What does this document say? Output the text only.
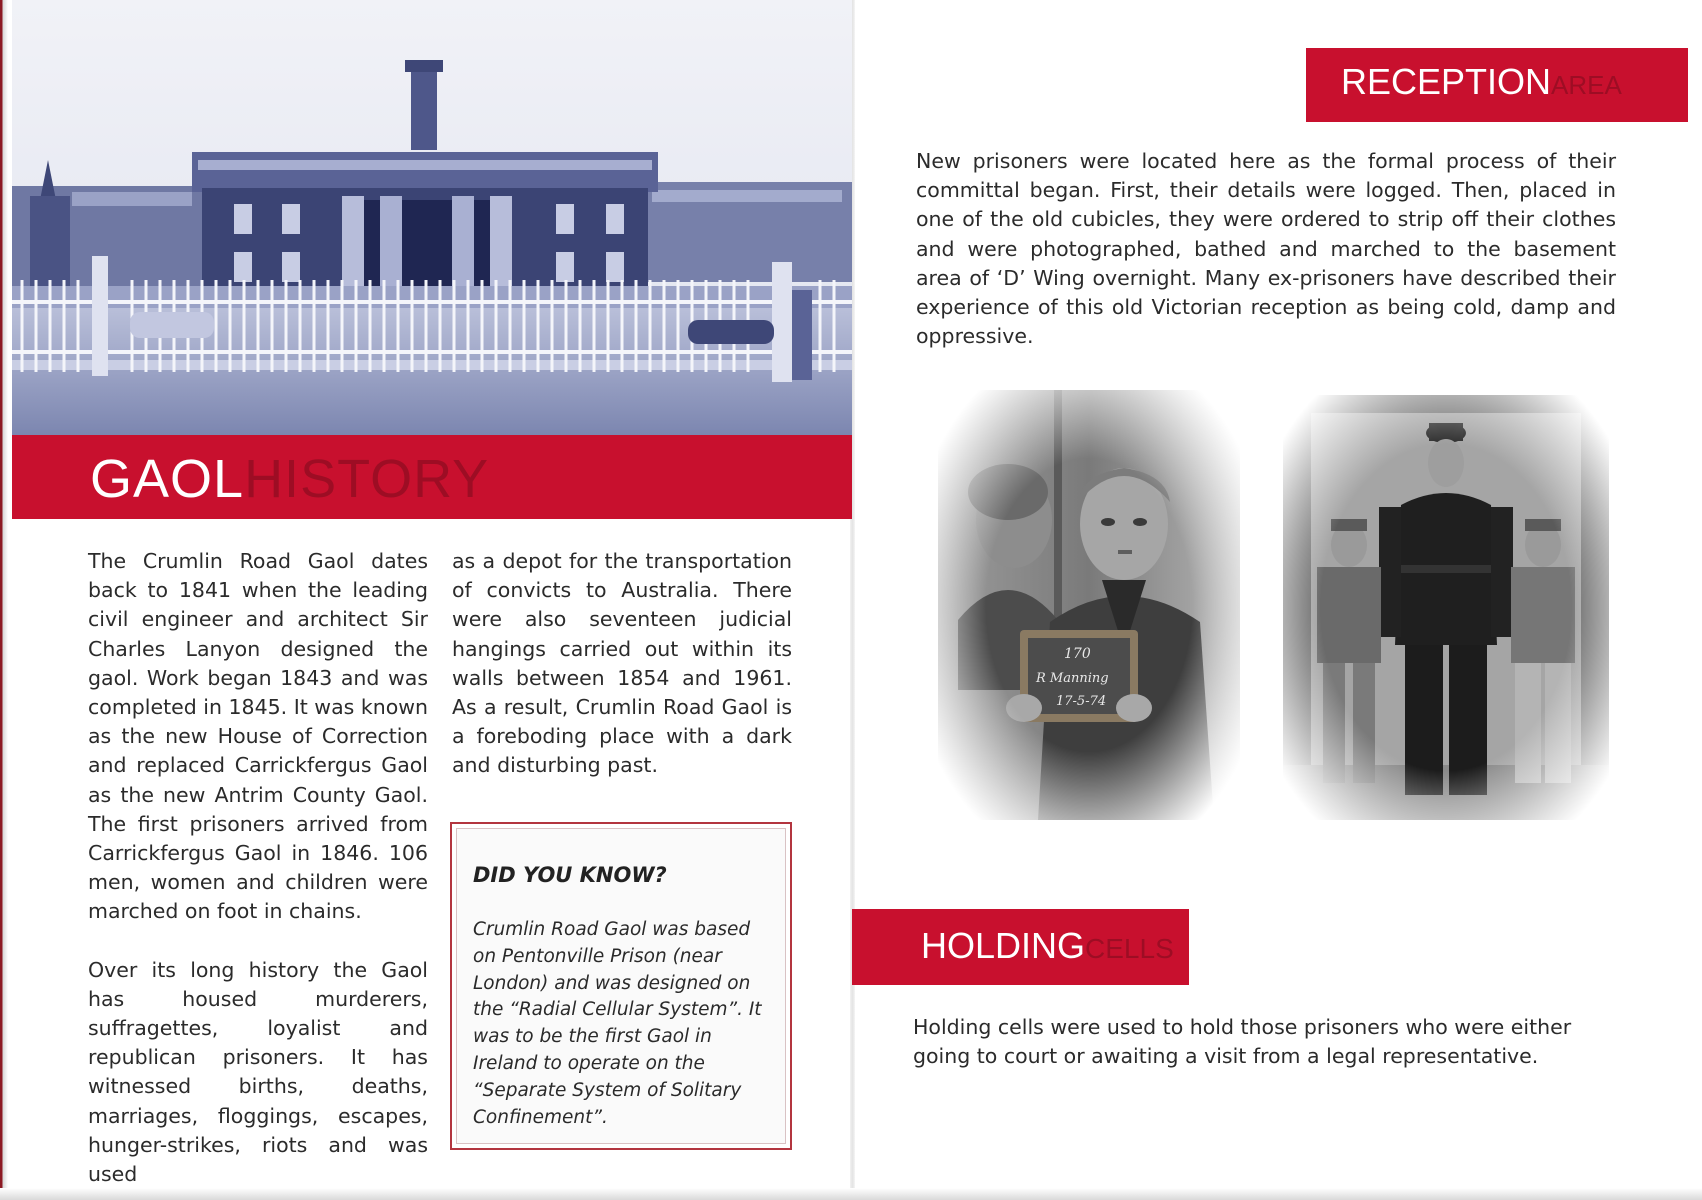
GAOLHISTORY

The Crumlin Road Gaol dates back to 1841 when the leading civil engineer and architect Sir Charles Lanyon designed the gaol. Work began 1843 and was completed in 1845. It was known as the new House of Correction and replaced Carrickfergus Gaol as the new Antrim County Gaol. The first prisoners arrived from Carrickfergus Gaol in 1846. 106 men, women and children were marched on foot in chains.

Over its long history the Gaol has housed murderers, suffragettes, loyalist and republican prisoners. It has witnessed births, deaths, marriages, floggings, escapes, hunger-strikes, riots and was used

as a depot for the transportation of convicts to Australia. There were also seventeen judicial hangings carried out within its walls between 1854 and 1961. As a result, Crumlin Road Gaol is a foreboding place with a dark and disturbing past.

DID YOU KNOW?
Crumlin Road Gaol was based on Pentonville Prison (near London) and was designed on the “Radial Cellular System”. It was to be the first Gaol in Ireland to operate on the “Separate System of Solitary Confinement”.
RECEPTIONAREA
New prisoners were located here as the formal process of their committal began. First, their details were logged. Then, placed in one of the old cubicles, they were ordered to strip off their clothes and were photographed, bathed and marched to the basement area of ‘D’ Wing overnight. Many ex-prisoners have described their experience of this old Victorian reception as being cold, damp and oppressive.
HOLDINGCELLS
Holding cells were used to hold those prisoners who were either going to court or awaiting a visit from a legal representative.
